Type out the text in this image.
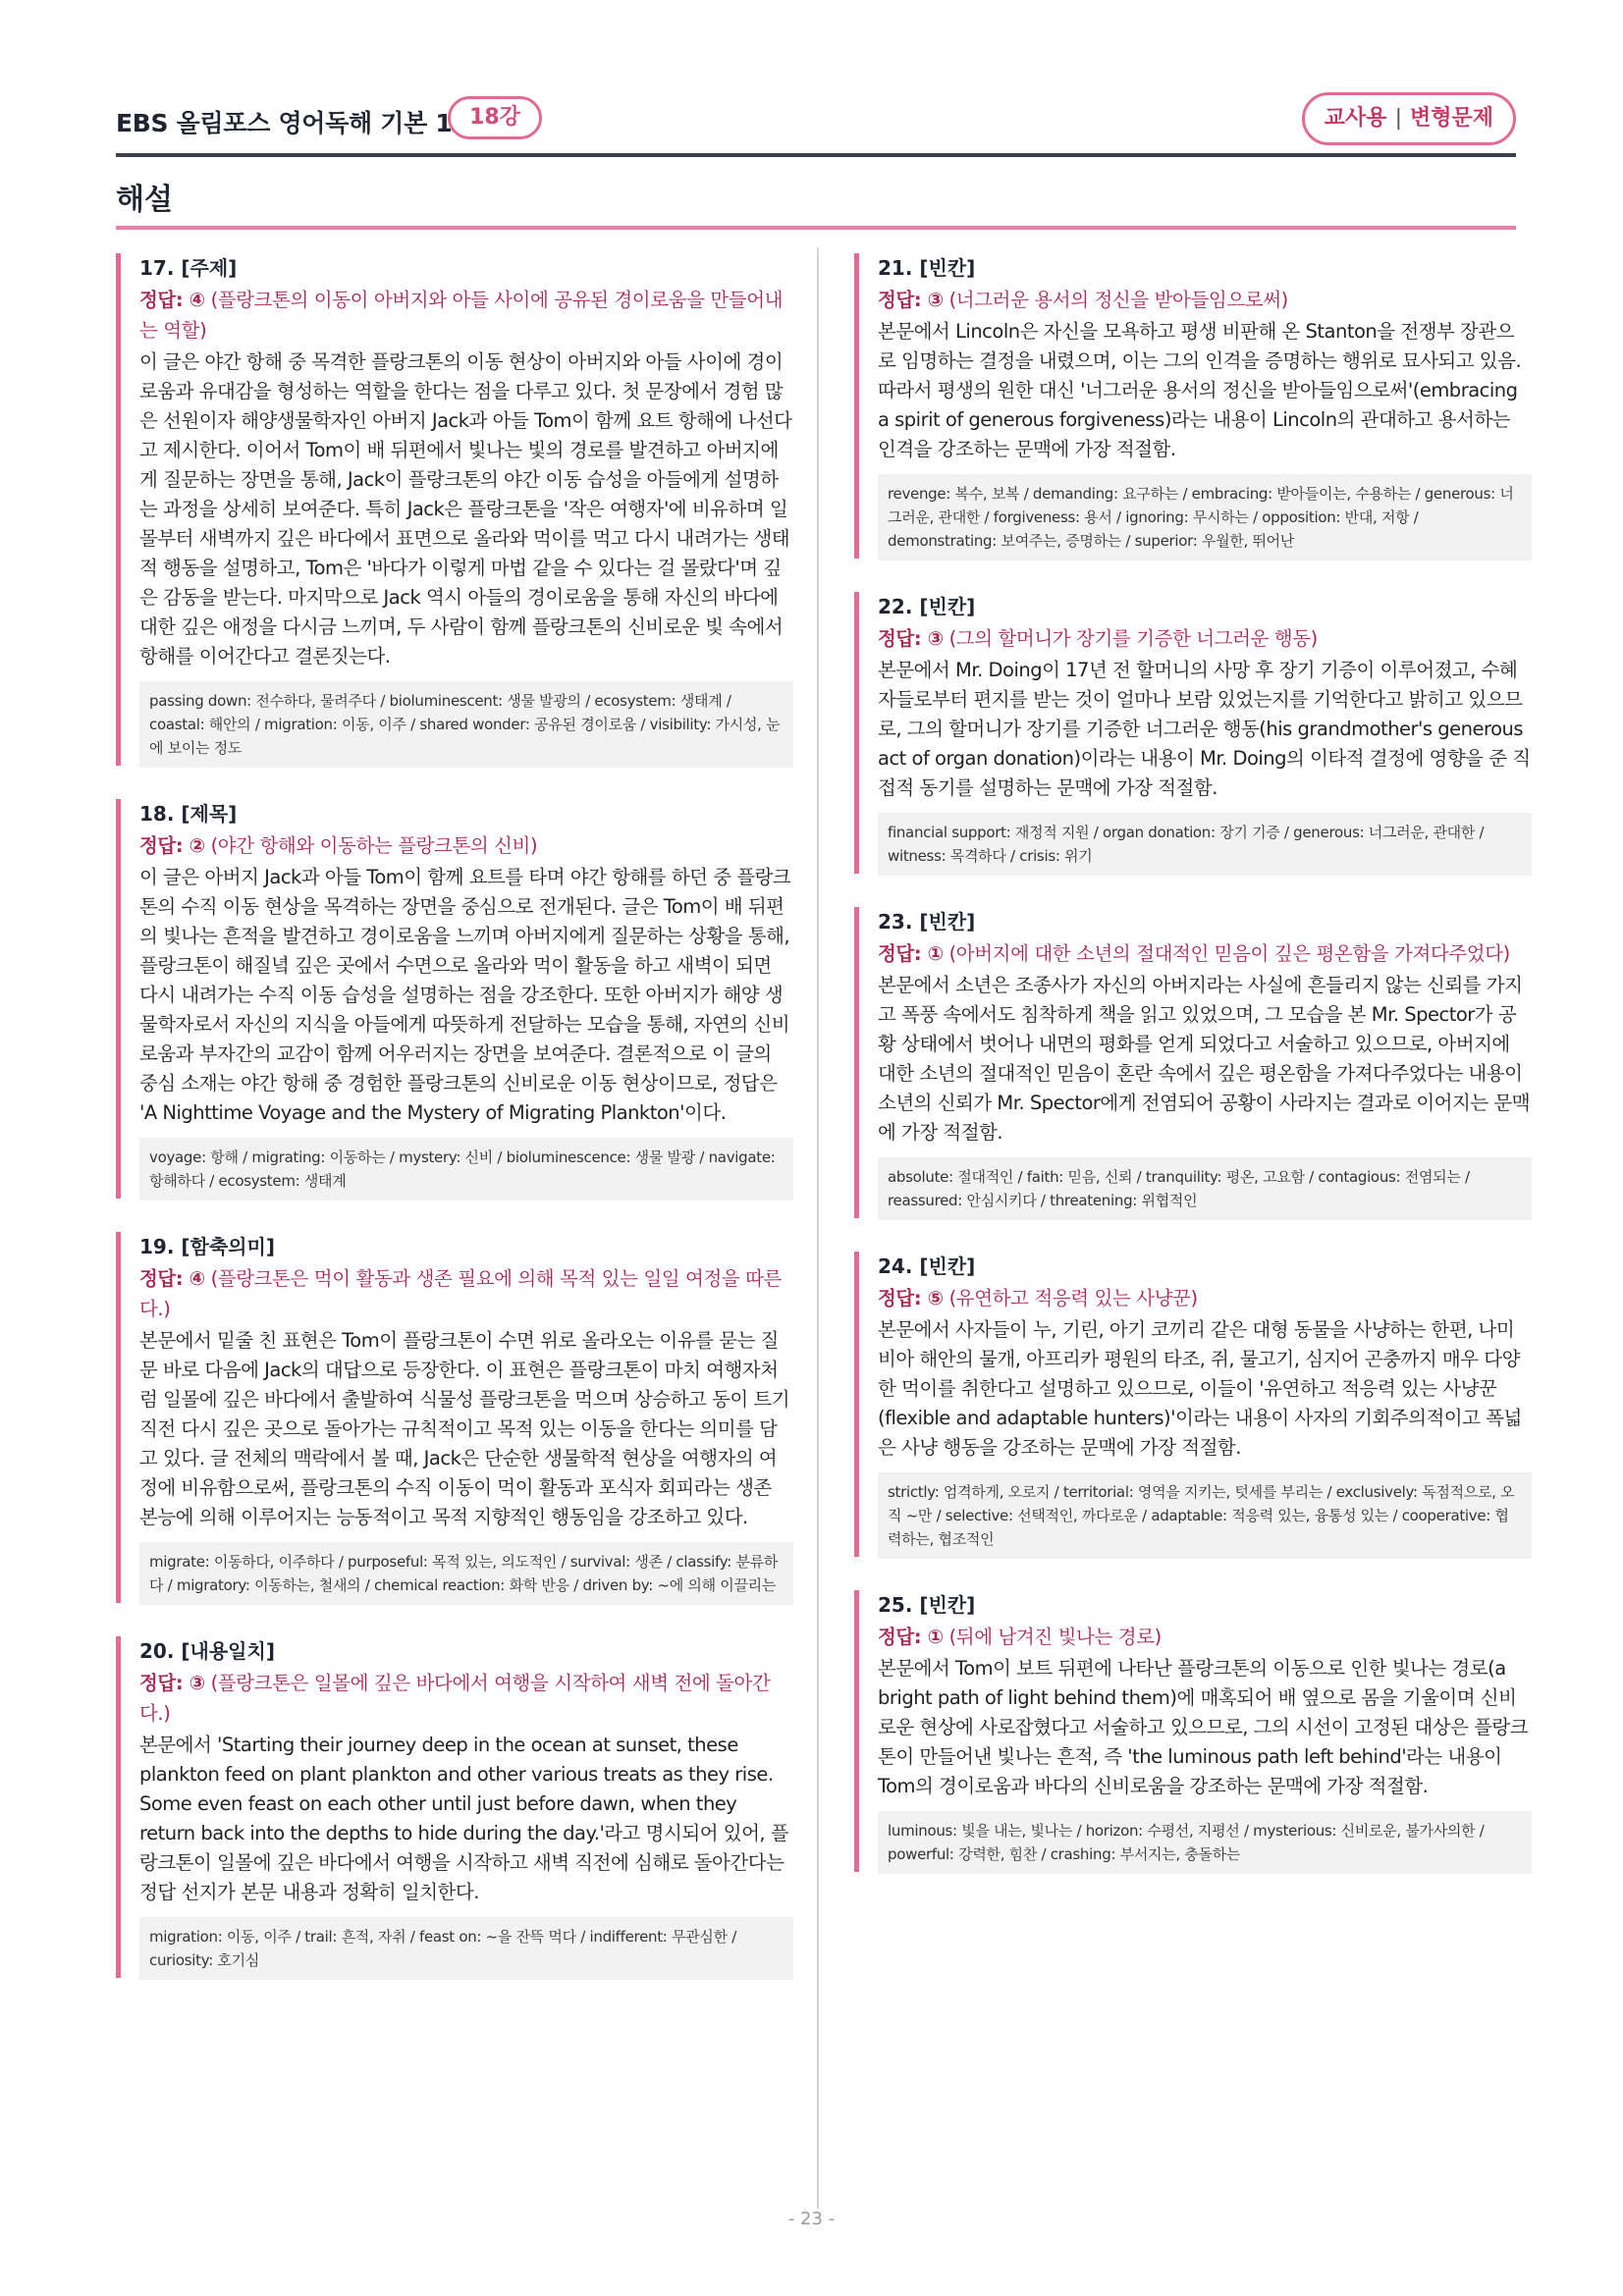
EBS 올림포스 영어독해 기본 1 18강	교사용 | 변형문제
해설
17. [주제]
정답: ④ (플랑크톤의 이동이 아버지와 아들 사이에 공유된 경이로움을 만들어내는 역할)
이 글은 야간 항해 중 목격한 플랑크톤의 이동 현상이 아버지와 아들 사이에 경이로움과 유대감을 형성하는 역할을 한다는 점을 다루고 있다. 첫 문장에서 경험 많은 선원이자 해양생물학자인 아버지 Jack과 아들 Tom이 함께 요트 항해에 나선다고 제시한다. 이어서 Tom이 배 뒤편에서 빛나는 빛의 경로를 발견하고 아버지에게 질문하는 장면을 통해, Jack이 플랑크톤의 야간 이동 습성을 아들에게 설명하는 과정을 상세히 보여준다. 특히 Jack은 플랑크톤을 '작은 여행자'에 비유하며 일몰부터 새벽까지 깊은 바다에서 표면으로 올라와 먹이를 먹고 다시 내려가는 생태적 행동을 설명하고, Tom은 '바다가 이렇게 마법 같을 수 있다는 걸 몰랐다'며 깊은 감동을 받는다. 마지막으로 Jack 역시 아들의 경이로움을 통해 자신의 바다에 대한 깊은 애정을 다시금 느끼며, 두 사람이 함께 플랑크톤의 신비로운 빛 속에서 항해를 이어간다고 결론짓는다.
passing down: 전수하다, 물려주다 / bioluminescent: 생물 발광의 / ecosystem: 생태계 / coastal: 해안의 / migration: 이동, 이주 / shared wonder: 공유된 경이로움 / visibility: 가시성, 눈에 보이는 정도
18. [제목]
정답: ② (야간 항해와 이동하는 플랑크톤의 신비)
이 글은 아버지 Jack과 아들 Tom이 함께 요트를 타며 야간 항해를 하던 중 플랑크톤의 수직 이동 현상을 목격하는 장면을 중심으로 전개된다. 글은 Tom이 배 뒤편의 빛나는 흔적을 발견하고 경이로움을 느끼며 아버지에게 질문하는 상황을 통해, 플랑크톤이 해질녘 깊은 곳에서 수면으로 올라와 먹이 활동을 하고 새벽이 되면 다시 내려가는 수직 이동 습성을 설명하는 점을 강조한다. 또한 아버지가 해양 생물학자로서 자신의 지식을 아들에게 따뜻하게 전달하는 모습을 통해, 자연의 신비로움과 부자간의 교감이 함께 어우러지는 장면을 보여준다. 결론적으로 이 글의 중심 소재는 야간 항해 중 경험한 플랑크톤의 신비로운 이동 현상이므로, 정답은 'A Nighttime Voyage and the Mystery of Migrating Plankton'이다.
voyage: 항해 / migrating: 이동하는 / mystery: 신비 / bioluminescence: 생물 발광 / navigate: 항해하다 / ecosystem: 생태계
19. [함축의미]
정답: ④ (플랑크톤은 먹이 활동과 생존 필요에 의해 목적 있는 일일 여정을 따른다.)
본문에서 밑줄 친 표현은 Tom이 플랑크톤이 수면 위로 올라오는 이유를 묻는 질문 바로 다음에 Jack의 대답으로 등장한다. 이 표현은 플랑크톤이 마치 여행자처럼 일몰에 깊은 바다에서 출발하여 식물성 플랑크톤을 먹으며 상승하고 동이 트기 직전 다시 깊은 곳으로 돌아가는 규칙적이고 목적 있는 이동을 한다는 의미를 담고 있다. 글 전체의 맥락에서 볼 때, Jack은 단순한 생물학적 현상을 여행자의 여정에 비유함으로써, 플랑크톤의 수직 이동이 먹이 활동과 포식자 회피라는 생존 본능에 의해 이루어지는 능동적이고 목적 지향적인 행동임을 강조하고 있다.
migrate: 이동하다, 이주하다 / purposeful: 목적 있는, 의도적인 / survival: 생존 / classify: 분류하다 / migratory: 이동하는, 철새의 / chemical reaction: 화학 반응 / driven by: ~에 의해 이끌리는
20. [내용일치]
정답: ③ (플랑크톤은 일몰에 깊은 바다에서 여행을 시작하여 새벽 전에 돌아간다.)
본문에서 'Starting their journey deep in the ocean at sunset, these plankton feed on plant plankton and other various treats as they rise. Some even feast on each other until just before dawn, when they return back into the depths to hide during the day.'라고 명시되어 있어, 플랑크톤이 일몰에 깊은 바다에서 여행을 시작하고 새벽 직전에 심해로 돌아간다는 정답 선지가 본문 내용과 정확히 일치한다.
migration: 이동, 이주 / trail: 흔적, 자취 / feast on: ~을 잔뜩 먹다 / indifferent: 무관심한 / curiosity: 호기심
21. [빈칸]
정답: ③ (너그러운 용서의 정신을 받아들임으로써)
본문에서 Lincoln은 자신을 모욕하고 평생 비판해 온 Stanton을 전쟁부 장관으로 임명하는 결정을 내렸으며, 이는 그의 인격을 증명하는 행위로 묘사되고 있음. 따라서 평생의 원한 대신 '너그러운 용서의 정신을 받아들임으로써'(embracing a spirit of generous forgiveness)라는 내용이 Lincoln의 관대하고 용서하는 인격을 강조하는 문맥에 가장 적절함.
revenge: 복수, 보복 / demanding: 요구하는 / embracing: 받아들이는, 수용하는 / generous: 너그러운, 관대한 / forgiveness: 용서 / ignoring: 무시하는 / opposition: 반대, 저항 / demonstrating: 보여주는, 증명하는 / superior: 우월한, 뛰어난
22. [빈칸]
정답: ③ (그의 할머니가 장기를 기증한 너그러운 행동)
본문에서 Mr. Doing이 17년 전 할머니의 사망 후 장기 기증이 이루어졌고, 수혜자들로부터 편지를 받는 것이 얼마나 보람 있었는지를 기억한다고 밝히고 있으므로, 그의 할머니가 장기를 기증한 너그러운 행동(his grandmother's generous act of organ donation)이라는 내용이 Mr. Doing의 이타적 결정에 영향을 준 직접적 동기를 설명하는 문맥에 가장 적절함.
financial support: 재정적 지원 / organ donation: 장기 기증 / generous: 너그러운, 관대한 / witness: 목격하다 / crisis: 위기
23. [빈칸]
정답: ① (아버지에 대한 소년의 절대적인 믿음이 깊은 평온함을 가져다주었다)
본문에서 소년은 조종사가 자신의 아버지라는 사실에 흔들리지 않는 신뢰를 가지고 폭풍 속에서도 침착하게 책을 읽고 있었으며, 그 모습을 본 Mr. Spector가 공황 상태에서 벗어나 내면의 평화를 얻게 되었다고 서술하고 있으므로, 아버지에 대한 소년의 절대적인 믿음이 혼란 속에서 깊은 평온함을 가져다주었다는 내용이 소년의 신뢰가 Mr. Spector에게 전염되어 공황이 사라지는 결과로 이어지는 문맥에 가장 적절함.
absolute: 절대적인 / faith: 믿음, 신뢰 / tranquility: 평온, 고요함 / contagious: 전염되는 / reassured: 안심시키다 / threatening: 위협적인
24. [빈칸]
정답: ⑤ (유연하고 적응력 있는 사냥꾼)
본문에서 사자들이 누, 기린, 아기 코끼리 같은 대형 동물을 사냥하는 한편, 나미비아 해안의 물개, 아프리카 평원의 타조, 쥐, 물고기, 심지어 곤충까지 매우 다양한 먹이를 취한다고 설명하고 있으므로, 이들이 '유연하고 적응력 있는 사냥꾼(flexible and adaptable hunters)'이라는 내용이 사자의 기회주의적이고 폭넓은 사냥 행동을 강조하는 문맥에 가장 적절함.
strictly: 엄격하게, 오로지 / territorial: 영역을 지키는, 텃세를 부리는 / exclusively: 독점적으로, 오직 ~만 / selective: 선택적인, 까다로운 / adaptable: 적응력 있는, 융통성 있는 / cooperative: 협력하는, 협조적인
25. [빈칸]
정답: ① (뒤에 남겨진 빛나는 경로)
본문에서 Tom이 보트 뒤편에 나타난 플랑크톤의 이동으로 인한 빛나는 경로(a bright path of light behind them)에 매혹되어 배 옆으로 몸을 기울이며 신비로운 현상에 사로잡혔다고 서술하고 있으므로, 그의 시선이 고정된 대상은 플랑크톤이 만들어낸 빛나는 흔적, 즉 'the luminous path left behind'라는 내용이 Tom의 경이로움과 바다의 신비로움을 강조하는 문맥에 가장 적절함.
luminous: 빛을 내는, 빛나는 / horizon: 수평선, 지평선 / mysterious: 신비로운, 불가사의한 / powerful: 강력한, 힘찬 / crashing: 부서지는, 충돌하는
- 23 -
